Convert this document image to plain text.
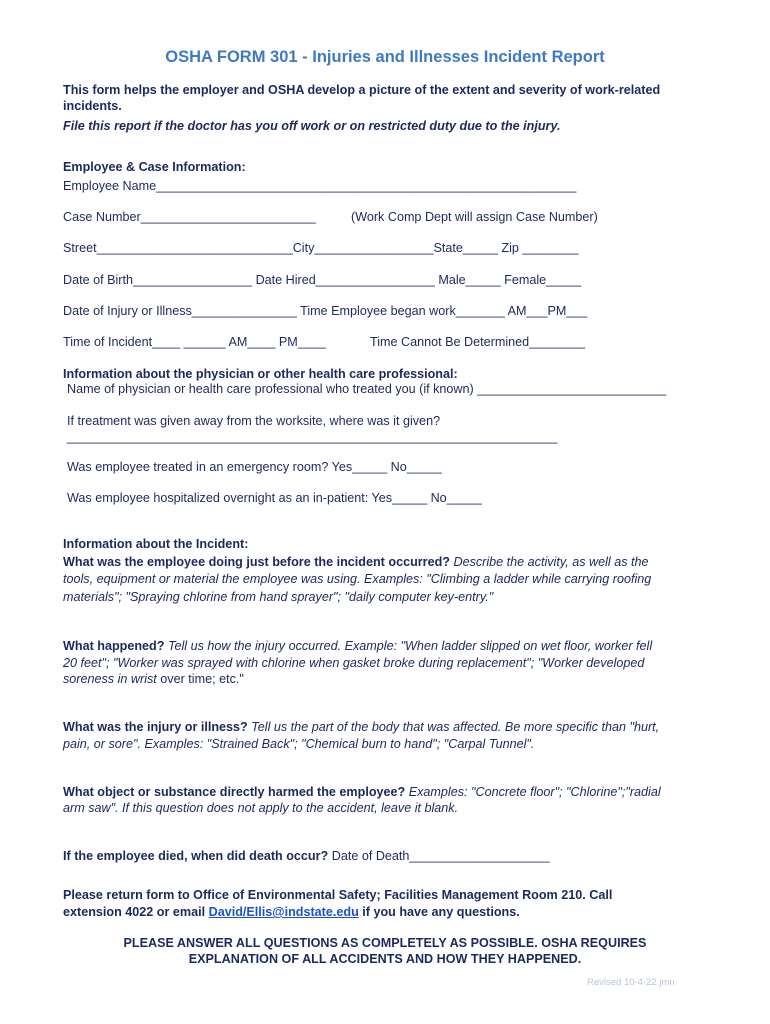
OSHA FORM 301 - Injuries and Illnesses Incident Report
This form helps the employer and OSHA develop a picture of the extent and severity of work-related
incidents.
File this report if the doctor has you off work or on restricted duty due to the injury.
Employee & Case Information:
Employee Name____________________________________________________________
Case Number_________________________	(Work Comp Dept will assign Case Number)
Street____________________________City_________________State_____ Zip ________
Date of Birth_________________ Date Hired_________________ Male_____ Female_____
Date of Injury or Illness_______________ Time Employee began work_______ AM___PM___
Time of Incident____ ______ AM____ PM____	Time Cannot Be Determined________
Information about the physician or other health care professional:
Name of physician or health care professional who treated you (if known) ___________________________
If treatment was given away from the worksite, where was it given?
______________________________________________________________________
Was employee treated in an emergency room? Yes_____ No_____
Was employee hospitalized overnight as an in-patient: Yes_____ No_____
Information about the Incident:
What was the employee doing just before the incident occurred? Describe the activity, as well as the
tools, equipment or material the employee was using. Examples: "Climbing a ladder while carrying roofing
materials"; "Spraying chlorine from hand sprayer"; "daily computer key-entry."
What happened? Tell us how the injury occurred. Example: "When ladder slipped on wet floor, worker fell
20 feet"; "Worker was sprayed with chlorine when gasket broke during replacement"; "Worker developed
soreness in wrist over time; etc."
What was the injury or illness? Tell us the part of the body that was affected. Be more specific than "hurt,
pain, or sore". Examples: "Strained Back"; "Chemical burn to hand"; "Carpal Tunnel".
What object or substance directly harmed the employee? Examples: "Concrete floor"; "Chlorine";"radial
arm saw". If this question does not apply to the accident, leave it blank.
If the employee died, when did death occur? Date of Death____________________
Please return form to Office of Environmental Safety; Facilities Management Room 210. Call
extension 4022 or email David/Ellis@indstate.edu if you have any questions.
PLEASE ANSWER ALL QUESTIONS AS COMPLETELY AS POSSIBLE. OSHA REQUIRES
EXPLANATION OF ALL ACCIDENTS AND HOW THEY HAPPENED.
Revised 10-4-22 jmn
